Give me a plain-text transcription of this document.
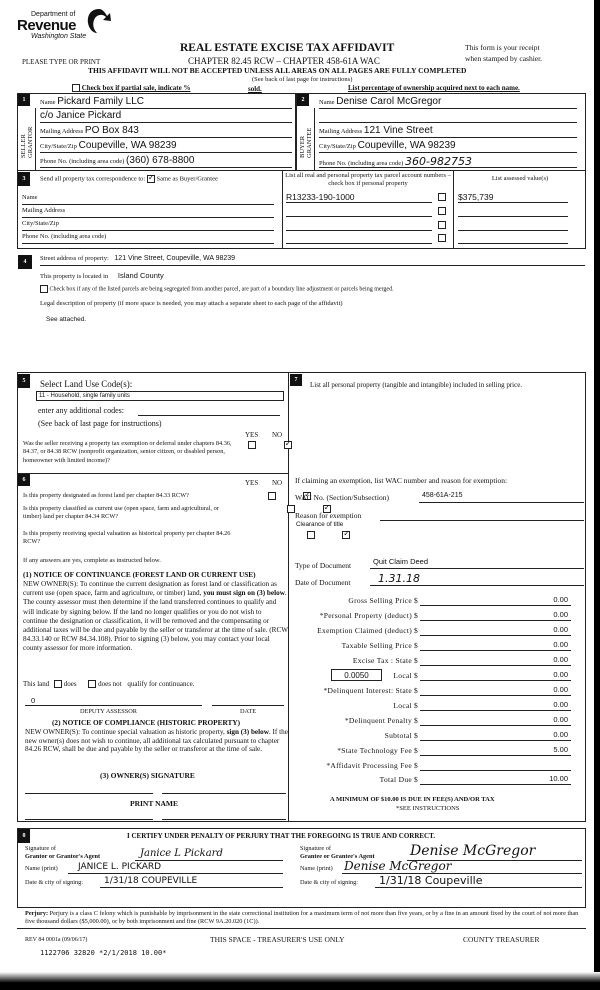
Department of
Revenue
Washington State
PLEASE TYPE OR PRINT
REAL ESTATE EXCISE TAX AFFIDAVIT
CHAPTER 82.45 RCW – CHAPTER 458-61A WAC
This form is your receipt
when stamped by cashier.
THIS AFFIDAVIT WILL NOT BE ACCEPTED UNLESS ALL AREAS ON ALL PAGES ARE FULLY COMPLETED
(See back of last page for instructions)
Check box if partial sale, indicate %	sold.	List percentage of ownership acquired next to each name.
1	2
SELLER GRANTOR	BUYER GRANTEE
Name Pickard Family LLC
c/o Janice Pickard
Mailing Address PO Box 843
City/State/Zip Coupeville, WA 98239
Phone No. (including area code) (360) 678-8800
Name Denise Carol McGregor
Mailing Address 121 Vine Street
City/State/Zip Coupeville, WA 98239
Phone No. (including area code) 360-982753
3	Send all property tax correspondence to: ✓ Same as Buyer/Grantee
Name
Mailing Address
City/State/Zip
Phone No. (including area code)
List all real and personal property tax parcel account numbers – check box if personal property
List assessed value(s)
R13233-190-1000	$375,739
4	Street address of property: 121 Vine Street, Coupeville, WA 98239
This property is located in Island County
Check box if any of the listed parcels are being segregated from another parcel, are part of a boundary line adjustment or parcels being merged.
Legal description of property (if more space is needed, you may attach a separate sheet to each page of the affidavit)
See attached.
5	Select Land Use Code(s):
11 - Household, single family units
enter any additional codes:
(See back of last page for instructions)
YES NO
Was the seller receiving a property tax exemption or deferral under chapters 84.36, 84.37, or 84.38 RCW (nonprofit organization, senior citizen, or disabled person, homeowner with limited income)?
✓
6	YES NO
Is this property designated as forest land per chapter 84.33 RCW?
✓
Is this property classified as current use (open space, farm and agricultural, or timber) land per chapter 84.34 RCW?
✓
Is this property receiving special valuation as historical property per chapter 84.26 RCW?
✓
If any answers are yes, complete as instructed below.
(1) NOTICE OF CONTINUANCE (FOREST LAND OR CURRENT USE)
NEW OWNER(S): To continue the current designation as forest land or classification as current use (open space, farm and agriculture, or timber) land, you must sign on (3) below. The county assessor must then determine if the land transferred continues to qualify and will indicate by signing below. If the land no longer qualifies or you do not wish to continue the designation or classification, it will be removed and the compensating or additional taxes will be due and payable by the seller or transferor at the time of sale. (RCW 84.33.140 or RCW 84.34.108). Prior to signing (3) below, you may contact your local county assessor for more information.
This land does	does not qualify for continuance.
0
DEPUTY ASSESSOR	DATE
(2) NOTICE OF COMPLIANCE (HISTORIC PROPERTY)
NEW OWNER(S): To continue special valuation as historic property, sign (3) below. If the new owner(s) does not wish to continue, all additional tax calculated pursuant to chapter 84.26 RCW, shall be due and payable by the seller or transferor at the time of sale.
(3) OWNER(S) SIGNATURE
PRINT NAME
7
List all personal property (tangible and intangible) included in selling price.
If claiming an exemption, list WAC number and reason for exemption:
WAC No. (Section/Subsection)	458-61A-215
Reason for exemption
Clearance of title
Type of Document	Quit Claim Deed
Date of Document	1.31.18
Gross Selling Price $	0.00
*Personal Property (deduct) $	0.00
Exemption Claimed (deduct) $	0.00
Taxable Selling Price $	0.00
Excise Tax : State $	0.00
0.0050	Local $	0.00
*Delinquent Interest: State $	0.00
Local $	0.00
*Delinquent Penalty $	0.00
Subtotal $	0.00
*State Technology Fee $	5.00
*Affidavit Processing Fee $
Total Due $	10.00
A MINIMUM OF $10.00 IS DUE IN FEE(S) AND/OR TAX
*SEE INSTRUCTIONS
8	I CERTIFY UNDER PENALTY OF PERJURY THAT THE FOREGOING IS TRUE AND CORRECT.
Signature of
Grantor or Grantor's Agent	Janice L Pickard
Name (print)	JANICE L. PICKARD
Date & city of signing:	1/31/18 COUPEVILLE
Signature of
Grantee or Grantee's Agent	Denise McGregor
Name (print) Denise McGregor
Date & city of signing:	1/31/18 Coupeville
Perjury: Perjury is a class C felony which is punishable by imprisonment in the state correctional institution for a maximum term of not more than five years, or by a fine in an amount fixed by the court of not more than five thousand dollars ($5,000.00), or by both imprisonment and fine (RCW 9A.20.020 (1C)).
REV 84 0001a (09/06/17)	THIS SPACE - TREASURER'S USE ONLY	COUNTY TREASURER
1122706 32820 *2/1/2018 10.00*
